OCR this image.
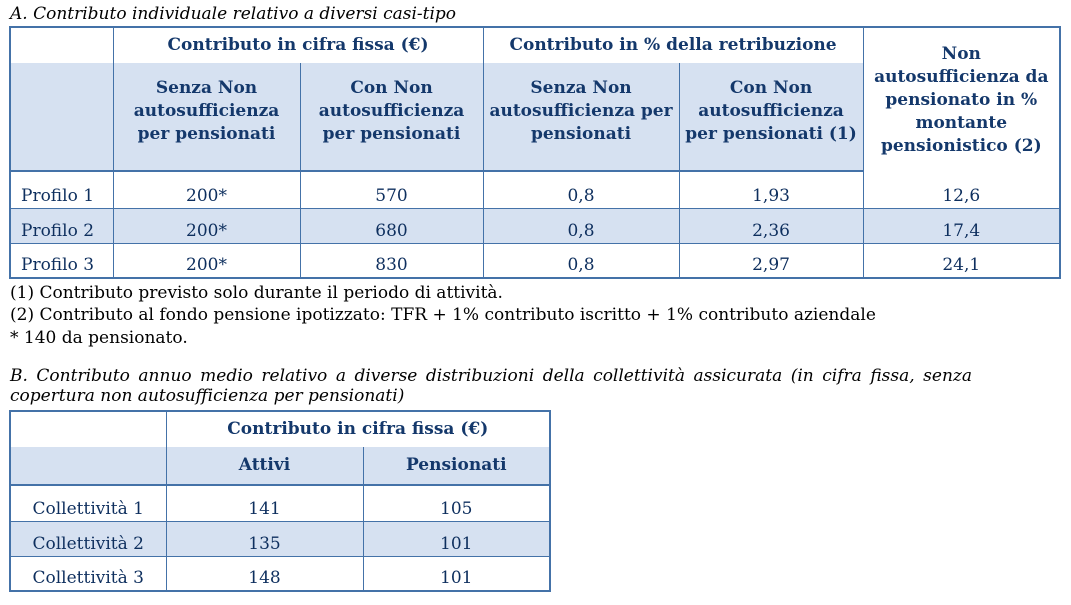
A. Contributo individuale relativo a diversi casi-tipo
	Contributo in cifra fissa (€)		Contributo in % della retribuzione		Non autosufficienza da pensionato in % montante pensionistico (2)
	Senza Non autosufficienza per pensionati	Con Non autosufficienza per pensionati	Senza Non autosufficienza per pensionati	Con Non autosufficienza per pensionati (1)	
Profilo 1	200*	570	0,8	1,93	12,6
Profilo 2	200*	680	0,8	2,36	17,4
Profilo 3	200*	830	0,8	2,97	24,1
(1) Contributo previsto solo durante il periodo di attività.
(2) Contributo al fondo pensione ipotizzato: TFR + 1% contributo iscritto + 1% contributo aziendale
* 140 da pensionato.
B. Contributo annuo medio relativo a diverse distribuzioni della collettività assicurata (in cifra fissa, senza copertura non autosufficienza per pensionati)
	Contributo in cifra fissa (€)	
	Attivi	Pensionati
Collettività 1	141	105
Collettività 2	135	101
Collettività 3	148	101
